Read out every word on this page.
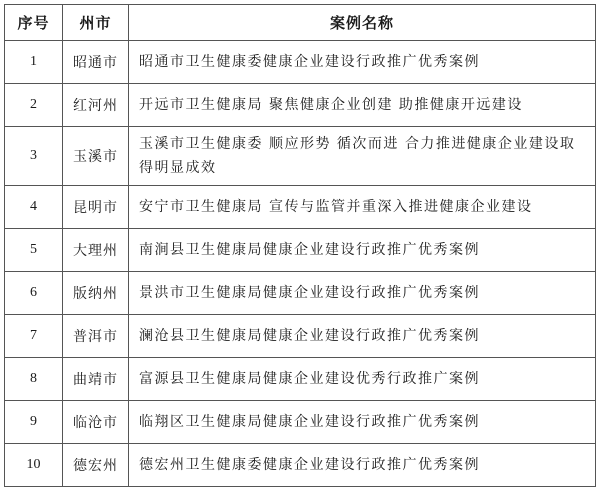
序号	州市	案例名称
1	昭通市	昭通市卫生健康委健康企业建设行政推广优秀案例
2	红河州	开远市卫生健康局 聚焦健康企业创建 助推健康开远建设
3	玉溪市	玉溪市卫生健康委 顺应形势 循次而进 合力推进健康企业建设取得明显成效
4	昆明市	安宁市卫生健康局 宣传与监管并重深入推进健康企业建设
5	大理州	南涧县卫生健康局健康企业建设行政推广优秀案例
6	版纳州	景洪市卫生健康局健康企业建设行政推广优秀案例
7	普洱市	澜沧县卫生健康局健康企业建设行政推广优秀案例
8	曲靖市	富源县卫生健康局健康企业建设优秀行政推广案例
9	临沧市	临翔区卫生健康局健康企业建设行政推广优秀案例
10	德宏州	德宏州卫生健康委健康企业建设行政推广优秀案例
